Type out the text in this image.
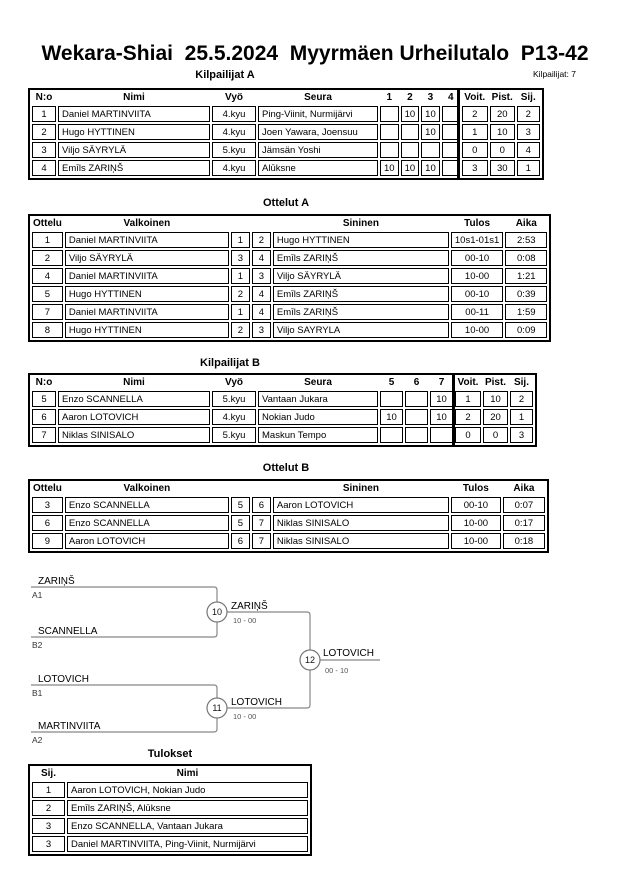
Wekara-Shiai  25.5.2024  Myyrmäen Urheilutalo  P13-42
Kilpailijat A	Kilpailijat: 7
N:o	Nimi	Vyö	Seura	1	2	3	4	Voit.	Pist.	Sij.
1	Daniel MARTINVIITA	4.kyu	Ping-Viinit, Nurmijärvi		10	10		2	20	2
2	Hugo HYTTINEN	4.kyu	Joen Yawara, Joensuu			10		1	10	3
3	Viljo SÄYRYLÄ	5.kyu	Jämsän Yoshi					0	0	4
4	Emīls ZARIŅŠ	4.kyu	Alūksne	10	10	10		3	30	1
Ottelut A
Ottelu	Valkoinen			Sininen	Tulos	Aika
1	Daniel MARTINVIITA	1	2	Hugo HYTTINEN	10s1-01s1	2:53
2	Viljo SÄYRYLÄ	3	4	Emīls ZARIŅŠ	00-10	0:08
4	Daniel MARTINVIITA	1	3	Viljo SÄYRYLÄ	10-00	1:21
5	Hugo HYTTINEN	2	4	Emīls ZARIŅŠ	00-10	0:39
7	Daniel MARTINVIITA	1	4	Emīls ZARIŅŠ	00-11	1:59
8	Hugo HYTTINEN	2	3	Viljo SAYRYLA	10-00	0:09
Kilpailijat B
N:o	Nimi	Vyö	Seura	5	6	7	Voit.	Pist.	Sij.
5	Enzo SCANNELLA	5.kyu	Vantaan Jukara			10	1	10	2
6	Aaron LOTOVICH	4.kyu	Nokian Judo	10		10	2	20	1
7	Niklas SINISALO	5.kyu	Maskun Tempo				0	0	3
Ottelut B
Ottelu	Valkoinen			Sininen	Tulos	Aika
3	Enzo SCANNELLA	5	6	Aaron LOTOVICH	00-10	0:07
6	Enzo SCANNELLA	5	7	Niklas SINISALO	10-00	0:17
9	Aaron LOTOVICH	6	7	Niklas SINISALO	10-00	0:18
10
11
12
ZARIŅŠ
A1
SCANNELLA
B2
LOTOVICH
B1
MARTINVIITA
A2
ZARIŅŠ
10 - 00
LOTOVICH
10 - 00
LOTOVICH
00 - 10
Tulokset
Sij.	Nimi
1	Aaron LOTOVICH, Nokian Judo
2	Emīls ZARIŅŠ, Alūksne
3	Enzo SCANNELLA, Vantaan Jukara
3	Daniel MARTINVIITA, Ping-Viinit, Nurmijärvi
